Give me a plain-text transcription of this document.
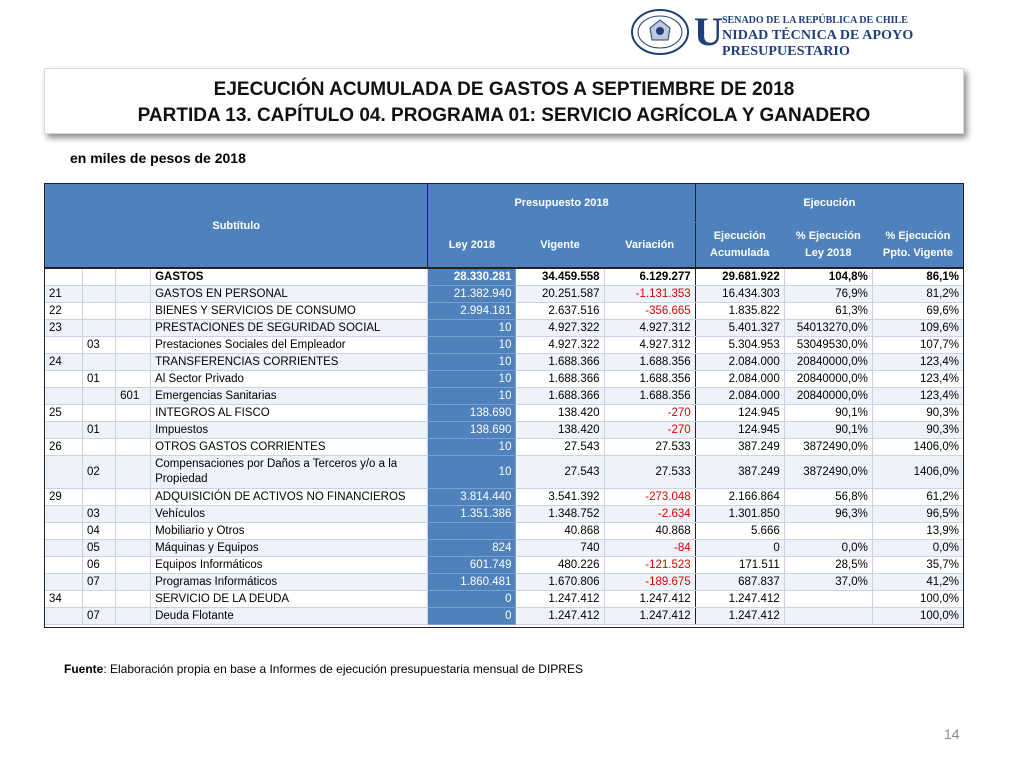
U SENADO DE LA REPÚBLICA DE CHILE
NIDAD TÉCNICA DE APOYO PRESUPUESTARIO
EJECUCIÓN ACUMULADA DE GASTOS A SEPTIEMBRE DE 2018
PARTIDA 13. CAPÍTULO 04. PROGRAMA 01: SERVICIO AGRÍCOLA Y GANADERO
en miles de pesos de 2018
Subtítulo				Presupuesto 2018			Ejecución		
				Ley 2018	Vigente	Variación	Ejecución Acumulada	% Ejecución Ley 2018	% Ejecución Ppto. Vigente
			GASTOS	28.330.281	34.459.558	6.129.277	29.681.922	104,8%	86,1%
21			GASTOS EN PERSONAL	21.382.940	20.251.587	-1.131.353	16.434.303	76,9%	81,2%
22			BIENES Y SERVICIOS DE CONSUMO	2.994.181	2.637.516	-356.665	1.835.822	61,3%	69,6%
23			PRESTACIONES DE SEGURIDAD SOCIAL	10	4.927.322	4.927.312	5.401.327	54013270,0%	109,6%
	03		Prestaciones Sociales del Empleador	10	4.927.322	4.927.312	5.304.953	53049530,0%	107,7%
24			TRANSFERENCIAS CORRIENTES	10	1.688.366	1.688.356	2.084.000	20840000,0%	123,4%
	01		Al Sector Privado	10	1.688.366	1.688.356	2.084.000	20840000,0%	123,4%
		601	Emergencias Sanitarias	10	1.688.366	1.688.356	2.084.000	20840000,0%	123,4%
25			INTEGROS AL FISCO	138.690	138.420	-270	124.945	90,1%	90,3%
	01		Impuestos	138.690	138.420	-270	124.945	90,1%	90,3%
26			OTROS GASTOS CORRIENTES	10	27.543	27.533	387.249	3872490,0%	1406,0%
	02		Compensaciones por Daños a Terceros y/o a la Propiedad	10	27.543	27.533	387.249	3872490,0%	1406,0%
29			ADQUISICIÓN DE ACTIVOS NO FINANCIEROS	3.814.440	3.541.392	-273.048	2.166.864	56,8%	61,2%
	03		Vehículos	1.351.386	1.348.752	-2.634	1.301.850	96,3%	96,5%
	04		Mobiliario y Otros		40.868	40.868	5.666		13,9%
	05		Máquinas y Equipos	824	740	-84	0	0,0%	0,0%
	06		Equipos Informáticos	601.749	480.226	-121.523	171.511	28,5%	35,7%
	07		Programas Informáticos	1.860.481	1.670.806	-189.675	687.837	37,0%	41,2%
34			SERVICIO DE LA DEUDA	0	1.247.412	1.247.412	1.247.412		100,0%
	07		Deuda Flotante	0	1.247.412	1.247.412	1.247.412		100,0%
Fuente: Elaboración propia en base a Informes de ejecución presupuestaria mensual de DIPRES
14
